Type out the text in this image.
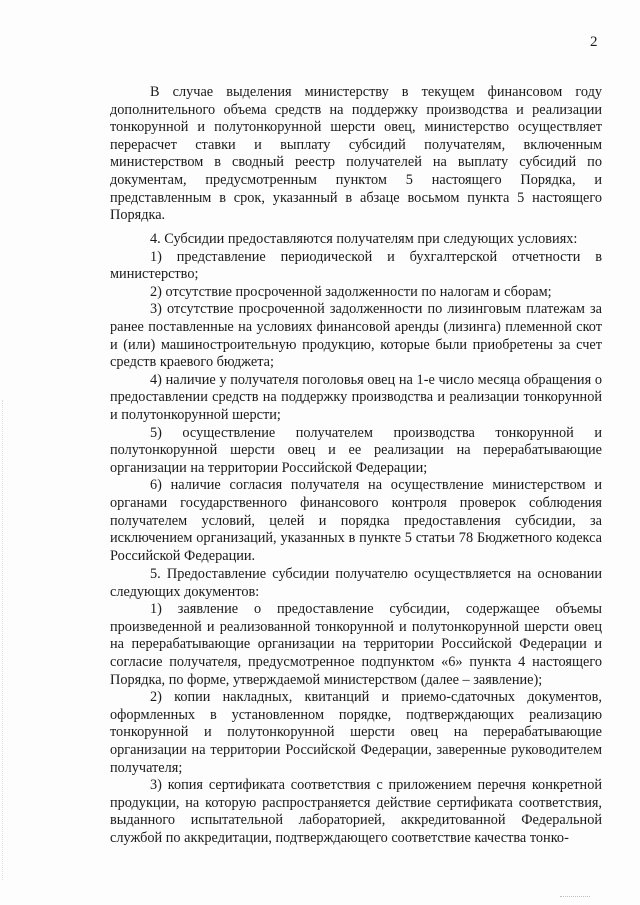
2

В случае выделения министерству в текущем финансовом году дополнительного объема средств на поддержку производства и реализации тонкорунной и полутонкорунной шерсти овец, министерство осуществляет перерасчет ставки и выплату субсидий получателям, включенным министерством в сводный реестр получателей на выплату субсидий по документам, предусмотренным пунктом 5 настоящего Порядка, и представленным в срок, указанный в абзаце восьмом пункта 5 настоящего Порядка.

4. Субсидии предоставляются получателям при следующих условиях:

1) представление периодической и бухгалтерской отчетности в министерство;

2) отсутствие просроченной задолженности по налогам и сборам;

3) отсутствие просроченной задолженности по лизинговым платежам за ранее поставленные на условиях финансовой аренды (лизинга) племенной скот и (или) машиностроительную продукцию, которые были приобретены за счет средств краевого бюджета;

4) наличие у получателя поголовья овец на 1-е число месяца обращения о предоставлении средств на поддержку производства и реализации тонкорунной и полутонкорунной шерсти;

5) осуществление получателем производства тонкорунной и полутонкорунной шерсти овец и ее реализации на перерабатывающие организации на территории Российской Федерации;

6) наличие согласия получателя на осуществление министерством и органами государственного финансового контроля проверок соблюдения получателем условий, целей и порядка предоставления субсидии, за исключением организаций, указанных в пункте 5 статьи 78 Бюджетного кодекса Российской Федерации.

5. Предоставление субсидии получателю осуществляется на основании следующих документов:

1) заявление о предоставление субсидии, содержащее объемы произведенной и реализованной тонкорунной и полутонкорунной шерсти овец на перерабатывающие организации на территории Российской Федерации и согласие получателя, предусмотренное подпунктом «6» пункта 4 настоящего Порядка, по форме, утверждаемой министерством (далее – заявление);

2) копии накладных, квитанций и приемо-сдаточных документов, оформленных в установленном порядке, подтверждающих реализацию тонкорунной и полутонкорунной шерсти овец на перерабатывающие организации на территории Российской Федерации, заверенные руководителем получателя;

3) копия сертификата соответствия с приложением перечня конкретной продукции, на которую распространяется действие сертификата соответствия, выданного испытательной лабораторией, аккредитованной Федеральной службой по аккредитации, подтверждающего соответствие качества тонко-
